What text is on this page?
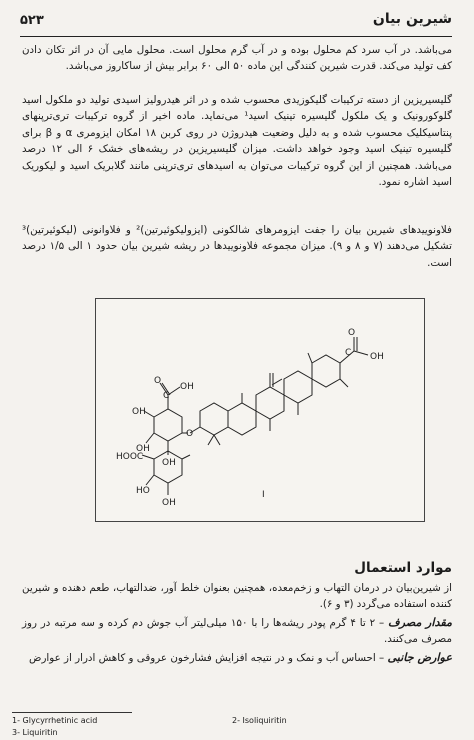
۵۲۳	شیرین بیان
می‌باشد. در آب سرد کم محلول بوده و در آب گرم محلول است. محلول مایی آن در اثر تکان دادن کف تولید می‌کند. قدرت شیرین کنندگی این ماده ۵۰ الی ۶۰ برابر بیش از ساکاروز می‌باشد.
گلیسیریزین از دسته ترکیبات گلیکوزیدی محسوب شده و در اثر هیدرولیز اسیدی تولید دو ملکول اسید گلوکورونیک و یک ملکول گلیسیره تینیک اسید¹ می‌نماید. ماده اخیر از گروه ترکیبات تری‌ترپنهای پنتاسیکلیک محسوب شده و به دلیل وضعیت هیدروژن در روی کربن ۱۸ امکان ایزومری α و β برای گلیسیره تینیک اسید وجود خواهد داشت. میزان گلیسیریزین در ریشه‌های خشک ۶ الی ۱۲ درصد می‌باشد. همچنین از این گروه ترکیبات می‌توان به اسیدهای تری‌ترپنی مانند گلابریک اسید و لیکوریک اسید اشاره نمود.
فلاونوییدهای شیرین بیان را جفت ایزومرهای شالکونی (ایزولیکوئیرتین)² و فلاوانونی (لیکوئیرتین)³ تشکیل می‌دهند (۷ و ۸ و ۹). میزان مجموعه فلاونوییدها در ریشه شیرین بیان حدود ۱ الی ۱/۵ درصد است.
O
C OH
O
C
OH
O
OH
OH
OH
HOOC
HO
OH
I
موارد استعمال
از شیرین‌بیان در درمان التهاب و زخم‌معده، همچنین بعنوان خلط آور، ضدالتهاب، طعم دهنده و شیرین کننده استفاده می‌گردد (۳ و ۶).
مقدار مصرف – ۲ تا ۴ گرم پودر ریشه‌ها را با ۱۵۰ میلی‌لیتر آب جوش دم کرده و سه مرتبه در روز مصرف می‌کنند.
عوارض جانبی – احساس آب و نمک و در نتیجه افزایش فشارخون عروقی و کاهش ادرار از عوارض
1- Glycyrrhetinic acid	2- Isoliquiritin
3- Liquiritin
